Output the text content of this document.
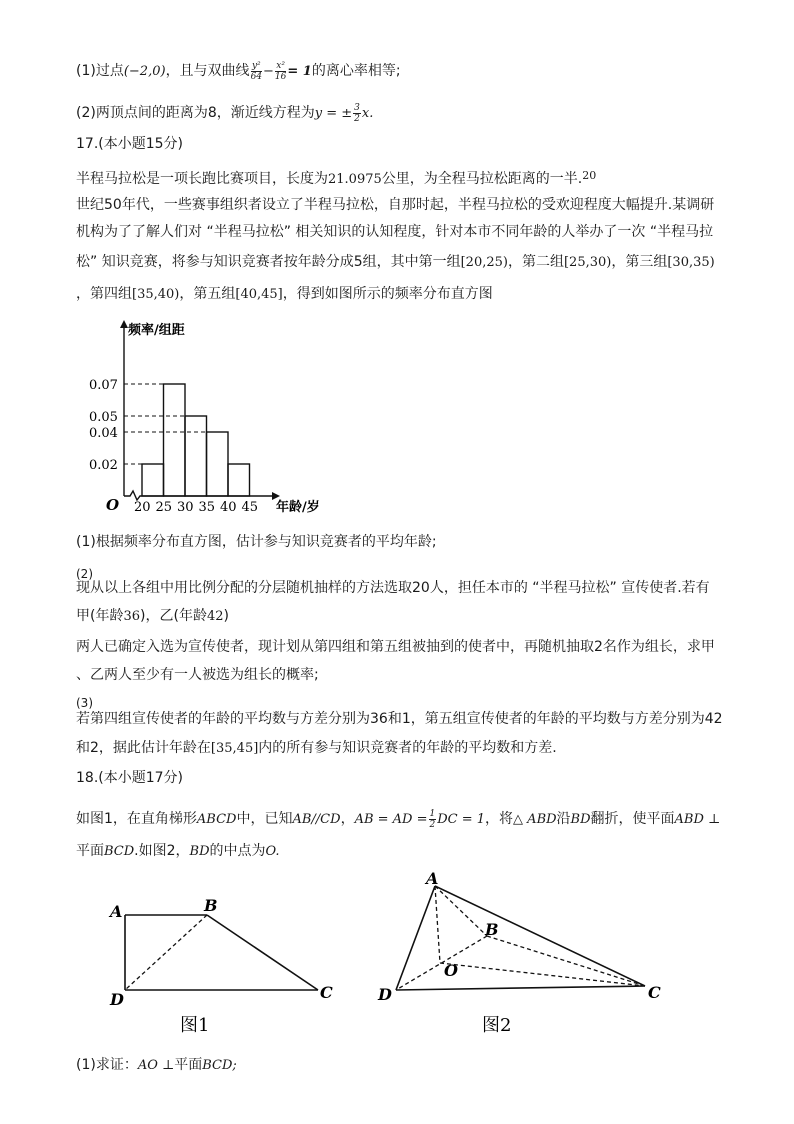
(1)过点(−2,0)，且与双曲线 $\frac{\text{y²}}{64} - \frac{\text{x²}}{16} = 1$的离心率相等;
(2)两顶点间的距离为8，渐近线方程为y = ± $\frac{3}{2} x$.
17.(本小题15分)
半程马拉松是一项长跑比赛项目，长度为21.0975公里，为全程马拉松距离的一半.$^{20}$
世纪50年代，一些赛事组织者设立了半程马拉松，自那时起，半程马拉松的受欢迎程度大幅提升.某调研
机构为了了解人们对 “半程马拉松” 相关知识的认知程度，针对本市不同年龄的人举办了一次 “半程马拉
松” 知识竞赛，将参与知识竞赛者按年龄分成5组，其中第一组[20,25)，第二组[25,30)，第三组[30,35)
，第四组[35,40)，第五组[40,45]，得到如图所示的频率分布直方图
0.07
0.05
0.04
0.02
20 25 30 35 40 45
频率/组距
年龄/岁
O
(1)根据频率分布直方图，估计参与知识竞赛者的平均年龄;
(2)
现从以上各组中用比例分配的分层随机抽样的方法选取20人，担任本市的 “半程马拉松” 宣传使者.若有
甲(年龄36)，乙(年龄42)
两人已确定入选为宣传使者，现计划从第四组和第五组被抽到的使者中，再随机抽取2名作为组长，求甲
、乙两人至少有一人被选为组长的概率;
(3)
若第四组宣传使者的年龄的平均数与方差分别为36和1，第五组宣传使者的年龄的平均数与方差分别为42
和2，据此估计年龄在[35,45]内的所有参与知识竞赛者的年龄的平均数和方差.
18.(本小题17分)
如图1，在直角梯形ABCD中，已知AB//CD，AB = AD = $\frac{1}{2}$ DC = 1，将△ ABD沿BD翻折，使平面ABD ⊥
平面BCD.如图2，BD的中点为O.
A	B
C
D
图1
A
B
C
D
O
图2
(1)求证：AO ⊥平面BCD;
